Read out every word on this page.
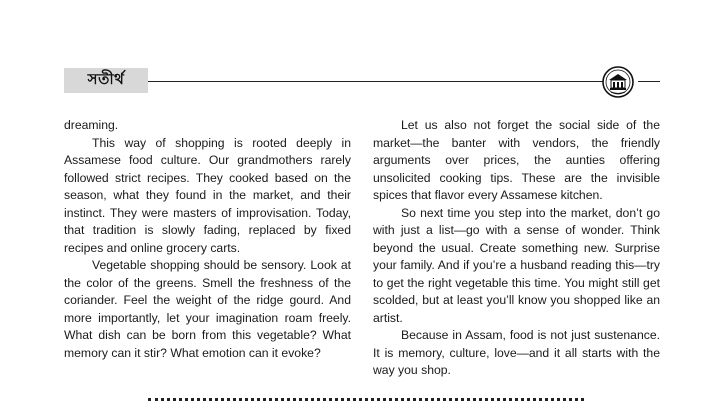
সতীর্থ

dreaming.

This way of shopping is rooted deeply in Assamese food culture. Our grandmothers rarely followed strict recipes. They cooked based on the season, what they found in the market, and their instinct. They were masters of improvisation. Today, that tradition is slowly fading, replaced by fixed recipes and online grocery carts.

Vegetable shopping should be sensory. Look at the color of the greens. Smell the freshness of the coriander. Feel the weight of the ridge gourd. And more importantly, let your imagination roam freely. What dish can be born from this vegetable? What memory can it stir? What emotion can it evoke?

Let us also not forget the social side of the market—the banter with vendors, the friendly arguments over prices, the aunties offering unsolicited cooking tips. These are the invisible spices that flavor every Assamese kitchen.

So next time you step into the market, don’t go with just a list—go with a sense of wonder. Think beyond the usual. Create something new. Surprise your family. And if you’re a husband reading this—try to get the right vegetable this time. You might still get scolded, but at least you’ll know you shopped like an artist.

Because in Assam, food is not just sustenance. It is memory, culture, love—and it all starts with the way you shop.
